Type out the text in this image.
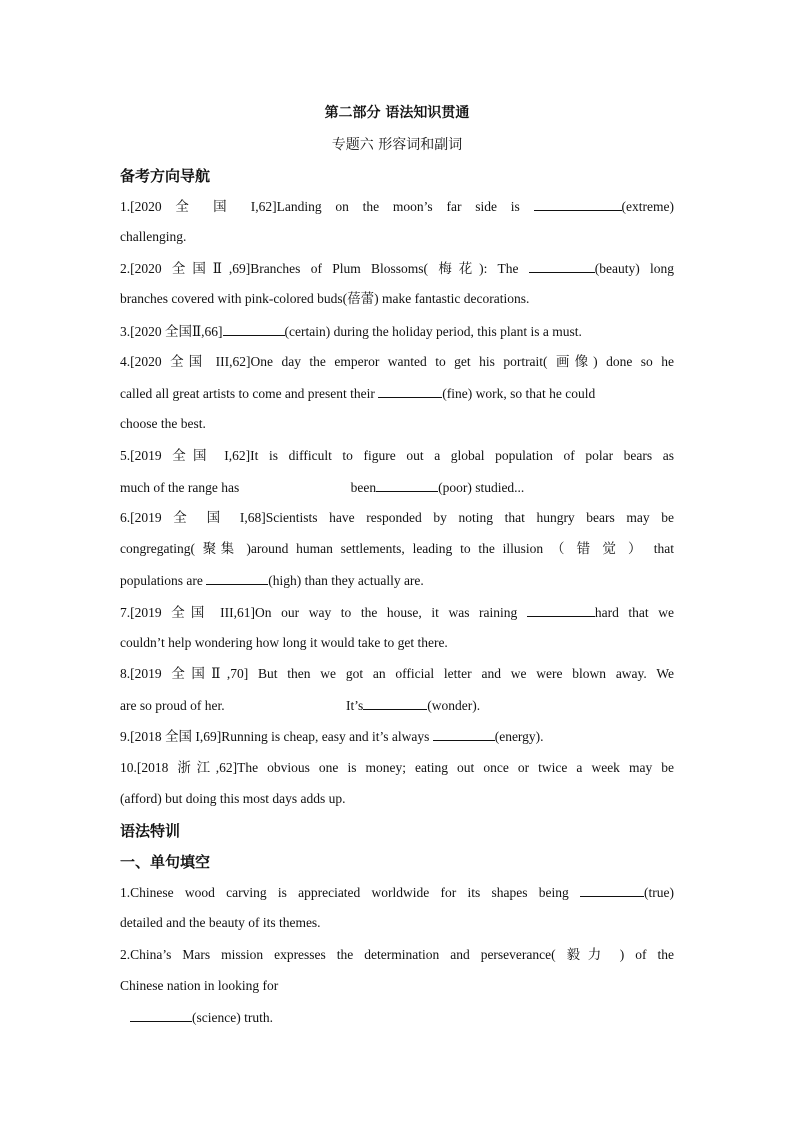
第二部分 语法知识贯通
专题六 形容词和副词
备考方向导航
1.[2020 全 国 I,62]Landing on the moon’s far side is	(extreme)
challenging.
2.[2020 全国Ⅱ,69]Branches of Plum Blossoms( 梅花): The	(beauty) long
branches covered with pink-colored buds(蓓蕾) make fantastic decorations.
3.[2020 全国Ⅱ,66]	(certain) during the holiday period, this plant is a must.
4.[2020 全国 III,62]One day the emperor wanted to get his portrait( 画像) done so he
called all great artists to come and present their	(fine) work, so that he could
choose the best.
5.[2019 全国 I,62]It is difficult to figure out a global population of polar bears as
much of the range has	been	(poor) studied...
6.[2019 全 国 I,68]Scientists have responded by noting that hungry bears may be
congregating( 聚集 )around human settlements, leading to the illusion （ 错 觉 ） that
populations are	(high) than they actually are.
7.[2019 全国 III,61]On our way to the house, it was raining	hard that we
couldn’t help wondering how long it would take to get there.
8.[2019 全国Ⅱ,70] But then we got an official letter and we were blown away. We
are so proud of her.	It’s	(wonder).
9.[2018 全国 I,69]Running is cheap, easy and it’s always	(energy).
10.[2018 浙江,62]The obvious one is money; eating out once or twice a week may be
(afford) but doing this most days adds up.
语法特训
一、单句填空
1.Chinese wood carving is appreciated worldwide for its shapes being	(true)
detailed and the beauty of its themes.
2.China’s Mars mission expresses the determination and perseverance( 毅力 ) of the
Chinese nation in looking for
(science) truth.
